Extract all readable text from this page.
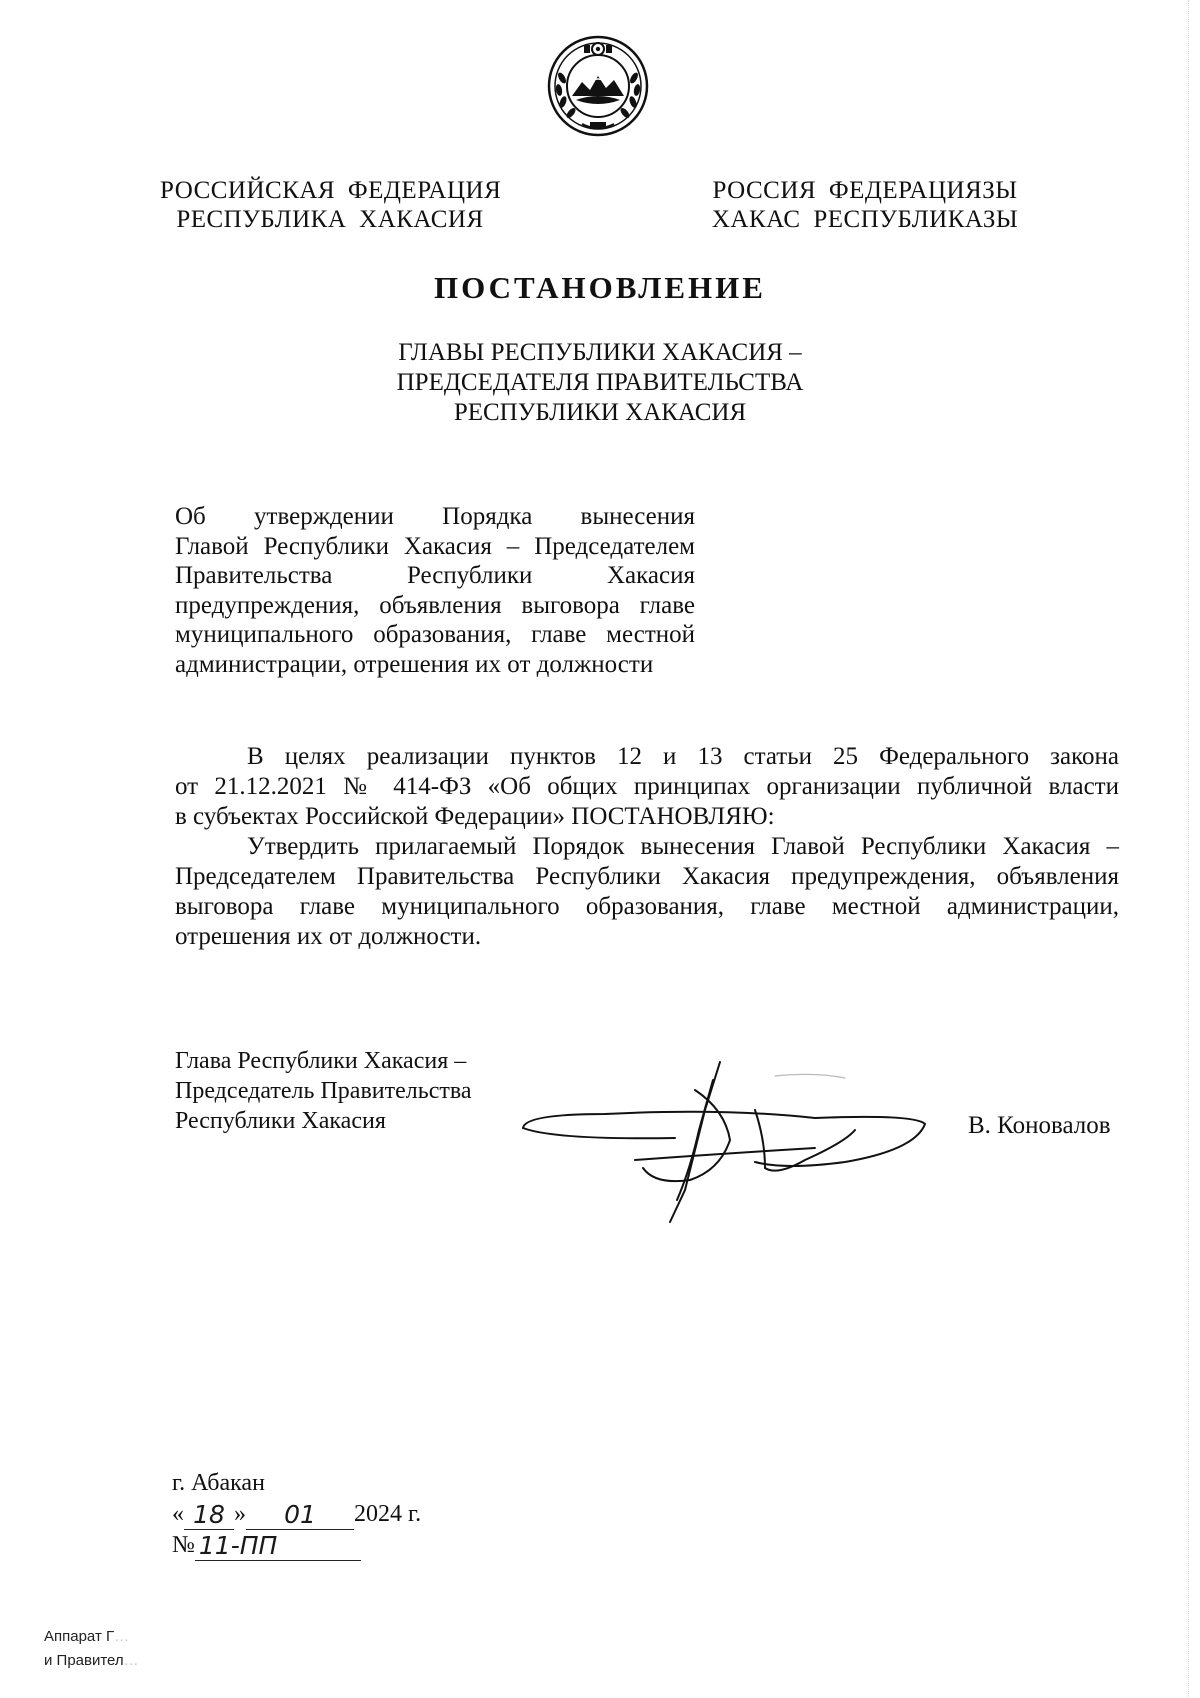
РОССИЙСКАЯ ФЕДЕРАЦИЯ
РЕСПУБЛИКА ХАКАСИЯ
РОССИЯ ФЕДЕРАЦИЯЗЫ
ХАКАС РЕСПУБЛИКАЗЫ
ПОСТАНОВЛЕНИЕ
ГЛАВЫ РЕСПУБЛИКИ ХАКАСИЯ –
ПРЕДСЕДАТЕЛЯ ПРАВИТЕЛЬСТВА
РЕСПУБЛИКИ ХАКАСИЯ
Об утверждении Порядка вынесения
Главой Республики Хакасия – Председателем
Правительства Республики Хакасия
предупреждения, объявления выговора главе
муниципального образования, главе местной
администрации, отрешения их от должности
В целях реализации пунктов 12 и 13 статьи 25 Федерального закона
от 21.12.2021 № 414-ФЗ «Об общих принципах организации публичной власти
в субъектах Российской Федерации» ПОСТАНОВЛЯЮ:
Утвердить прилагаемый Порядок вынесения Главой Республики Хакасия –
Председателем Правительства Республики Хакасия предупреждения, объявления
выговора главе муниципального образования, главе местной администрации,
отрешения их от должности.
Глава Республики Хакасия –
Председатель Правительства
Республики Хакасия	В. Коновалов
г. Абакан
« 18 » 01 2024 г.
№ 11-ПП
Аппарат Г…
и Правител…
